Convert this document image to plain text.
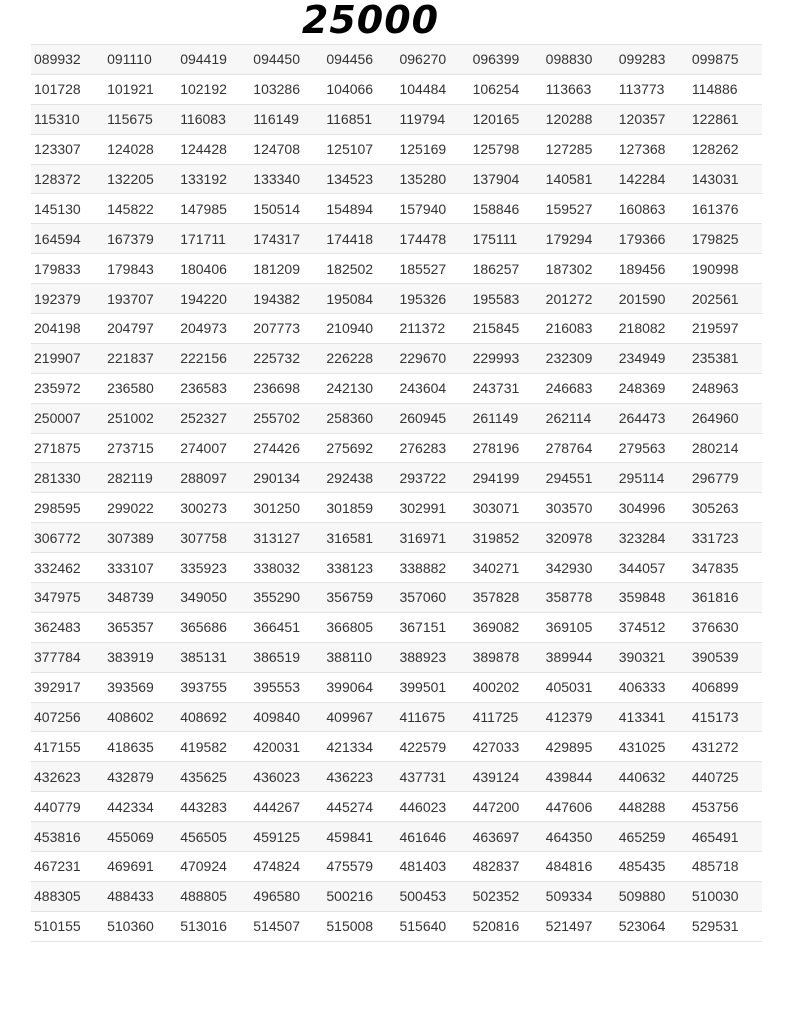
25000
089932	091110	094419	094450	094456	096270	096399	098830	099283	099875
101728	101921	102192	103286	104066	104484	106254	113663	113773	114886
115310	115675	116083	116149	116851	119794	120165	120288	120357	122861
123307	124028	124428	124708	125107	125169	125798	127285	127368	128262
128372	132205	133192	133340	134523	135280	137904	140581	142284	143031
145130	145822	147985	150514	154894	157940	158846	159527	160863	161376
164594	167379	171711	174317	174418	174478	175111	179294	179366	179825
179833	179843	180406	181209	182502	185527	186257	187302	189456	190998
192379	193707	194220	194382	195084	195326	195583	201272	201590	202561
204198	204797	204973	207773	210940	211372	215845	216083	218082	219597
219907	221837	222156	225732	226228	229670	229993	232309	234949	235381
235972	236580	236583	236698	242130	243604	243731	246683	248369	248963
250007	251002	252327	255702	258360	260945	261149	262114	264473	264960
271875	273715	274007	274426	275692	276283	278196	278764	279563	280214
281330	282119	288097	290134	292438	293722	294199	294551	295114	296779
298595	299022	300273	301250	301859	302991	303071	303570	304996	305263
306772	307389	307758	313127	316581	316971	319852	320978	323284	331723
332462	333107	335923	338032	338123	338882	340271	342930	344057	347835
347975	348739	349050	355290	356759	357060	357828	358778	359848	361816
362483	365357	365686	366451	366805	367151	369082	369105	374512	376630
377784	383919	385131	386519	388110	388923	389878	389944	390321	390539
392917	393569	393755	395553	399064	399501	400202	405031	406333	406899
407256	408602	408692	409840	409967	411675	411725	412379	413341	415173
417155	418635	419582	420031	421334	422579	427033	429895	431025	431272
432623	432879	435625	436023	436223	437731	439124	439844	440632	440725
440779	442334	443283	444267	445274	446023	447200	447606	448288	453756
453816	455069	456505	459125	459841	461646	463697	464350	465259	465491
467231	469691	470924	474824	475579	481403	482837	484816	485435	485718
488305	488433	488805	496580	500216	500453	502352	509334	509880	510030
510155	510360	513016	514507	515008	515640	520816	521497	523064	529531
